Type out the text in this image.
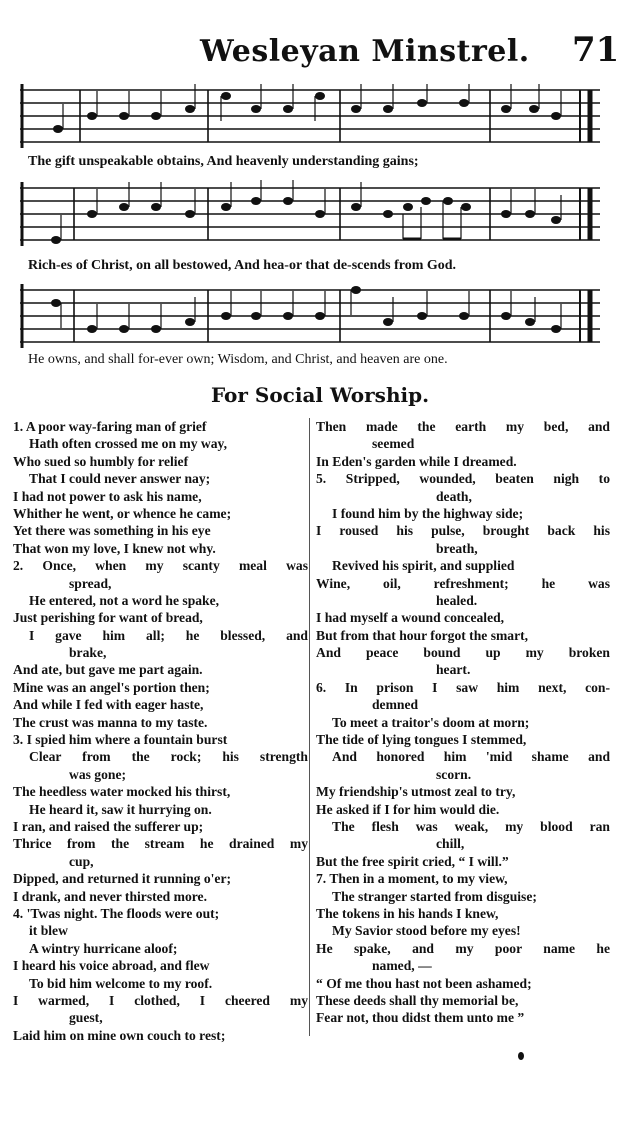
Wesleyan Minstrel. 71
The gift unspeakable obtains, And heavenly understanding gains;
Rich-es of Christ, on all bestowed, And hea-or that de-scends from God.
He owns, and shall for-ever own; Wisdom, and Christ, and heaven are one.
For Social Worship.
1. A poor way-faring man of grief
Hath often crossed me on my way,
Who sued so humbly for relief
That I could never answer nay;
I had not power to ask his name,
Whither he went, or whence he came;
Yet there was something in his eye
That won my love, I knew not why.
2. Once, when my scanty meal was
spread,
He entered, not a word he spake,
Just perishing for want of bread,
I gave him all; he blessed, and
brake,
And ate, but gave me part again.
Mine was an angel's portion then;
And while I fed with eager haste,
The crust was manna to my taste.
3. I spied him where a fountain burst
Clear from the rock; his strength
was gone;
The heedless water mocked his thirst,
He heard it, saw it hurrying on.
I ran, and raised the sufferer up;
Thrice from the stream he drained my
cup,
Dipped, and returned it running o'er;
I drank, and never thirsted more.
4. 'Twas night. The floods were out;
it blew
A wintry hurricane aloof;
I heard his voice abroad, and flew
To bid him welcome to my roof.
I warmed, I clothed, I cheered my
guest,
Laid him on mine own couch to rest;
Then made the earth my bed, and
seemed
In Eden's garden while I dreamed.
5. Stripped, wounded, beaten nigh to
death,
I found him by the highway side;
I roused his pulse, brought back his
breath,
Revived his spirit, and supplied
Wine, oil, refreshment; he was
healed.
I had myself a wound concealed,
But from that hour forgot the smart,
And peace bound up my broken
heart.
6. In prison I saw him next, con-
demned
To meet a traitor's doom at morn;
The tide of lying tongues I stemmed,
And honored him 'mid shame and
scorn.
My friendship's utmost zeal to try,
He asked if I for him would die.
The flesh was weak, my blood ran
chill,
But the free spirit cried, “ I will.”
7. Then in a moment, to my view,
The stranger started from disguise;
The tokens in his hands I knew,
My Savior stood before my eyes!
He spake, and my poor name he
named, —
“ Of me thou hast not been ashamed;
These deeds shall thy memorial be,
Fear not, thou didst them unto me ”
